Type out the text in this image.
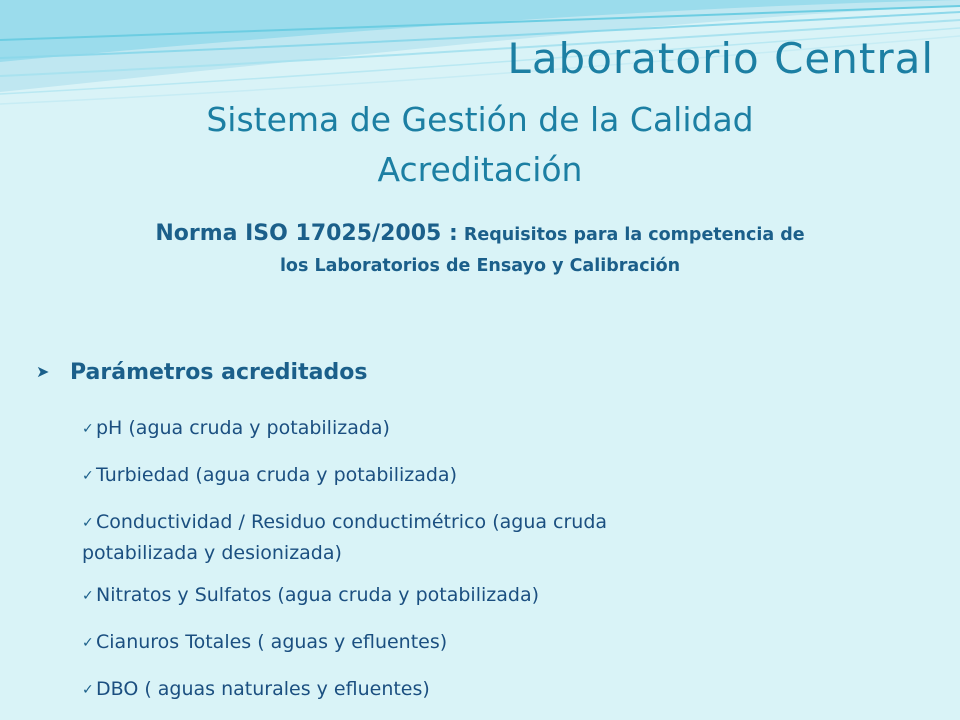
Laboratorio Central
Sistema de Gestión de la Calidad
Acreditación
Norma ISO 17025/2005 : Requisitos para la competencia de
los Laboratorios de Ensayo y Calibración
➤ Parámetros acreditados
✓ pH (agua cruda y potabilizada)
✓ Turbiedad (agua cruda y potabilizada)
✓ Conductividad / Residuo conductimétrico (agua cruda
potabilizada y desionizada)
✓ Nitratos y Sulfatos (agua cruda y potabilizada)
✓ Cianuros Totales ( aguas y efluentes)
✓ DBO ( aguas naturales y efluentes)
